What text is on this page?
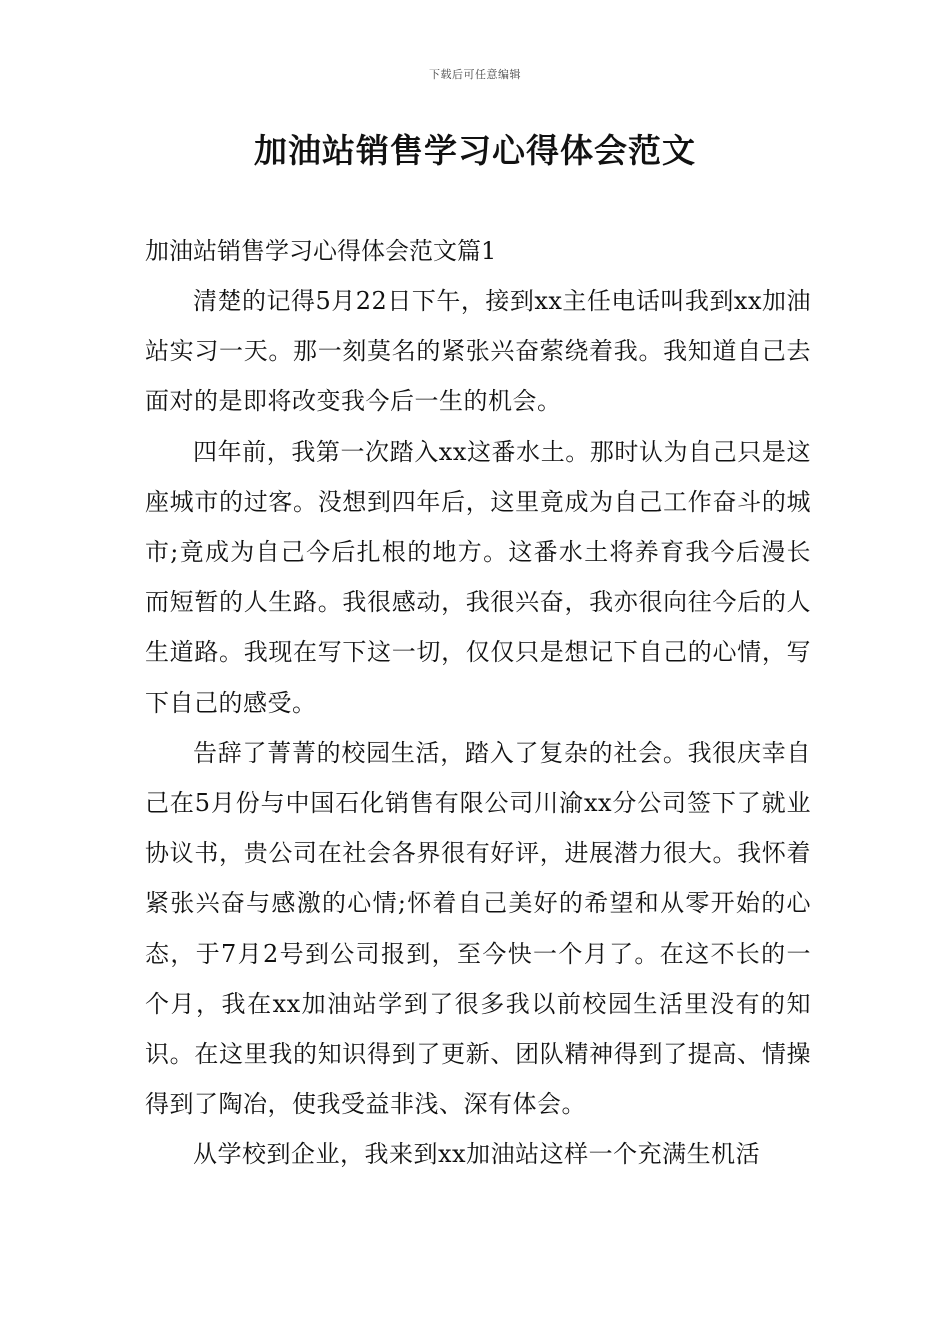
下载后可任意编辑
加油站销售学习心得体会范文
加油站销售学习心得体会范文篇1

清楚的记得5月22日下午，接到xx主任电话叫我到xx加油站实习一天。那一刻莫名的紧张兴奋萦绕着我。我知道自己去面对的是即将改变我今后一生的机会。

四年前，我第一次踏入xx这番水土。那时认为自己只是这座城市的过客。没想到四年后，这里竟成为自己工作奋斗的城市;竟成为自己今后扎根的地方。这番水土将养育我今后漫长而短暂的人生路。我很感动，我很兴奋，我亦很向往今后的人生道路。我现在写下这一切，仅仅只是想记下自己的心情，写下自己的感受。

告辞了菁菁的校园生活，踏入了复杂的社会。我很庆幸自己在5月份与中国石化销售有限公司川渝xx分公司签下了就业协议书，贵公司在社会各界很有好评，进展潜力很大。我怀着紧张兴奋与感激的心情;怀着自己美好的希望和从零开始的心态，于7月2号到公司报到，至今快一个月了。在这不长的一个月，我在xx加油站学到了很多我以前校园生活里没有的知识。在这里我的知识得到了更新、团队精神得到了提高、情操得到了陶冶，使我受益非浅、深有体会。

从学校到企业，我来到xx加油站这样一个充满生机活
